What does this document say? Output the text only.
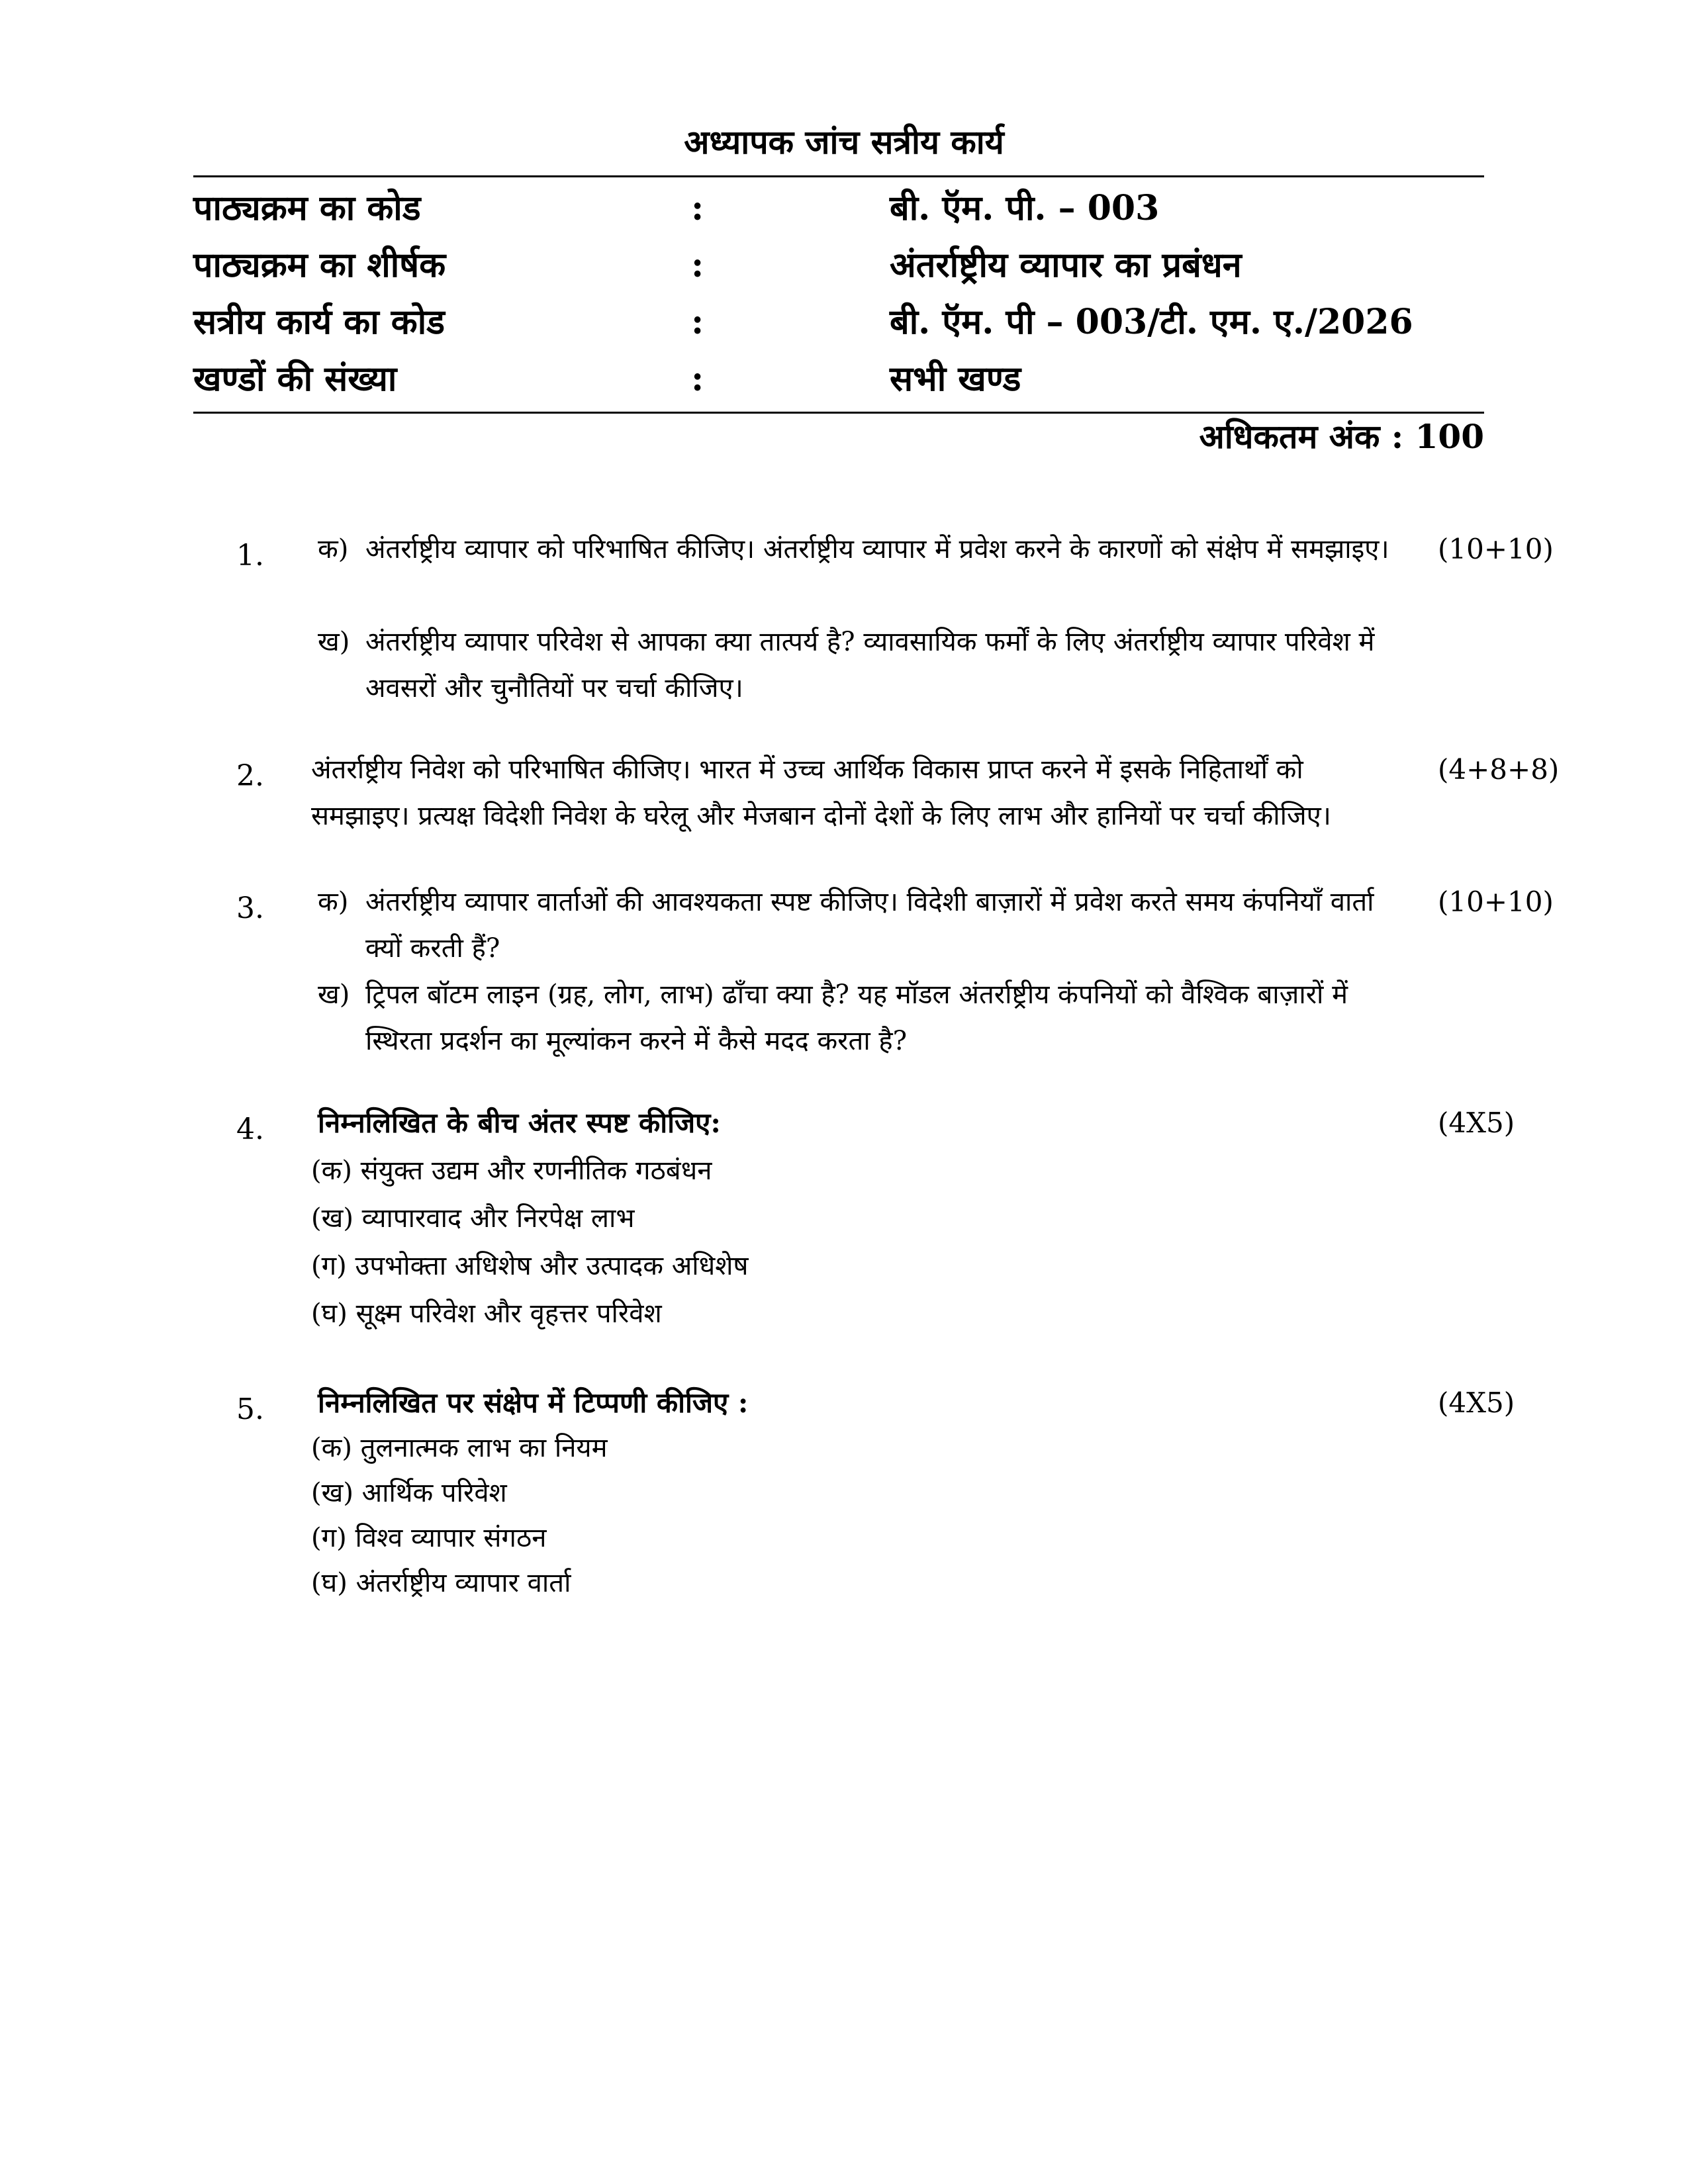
अध्यापक जांच सत्रीय कार्य
पाठ्यक्रम का कोड	:	बी. ऍम. पी. – 003
पाठ्यक्रम का शीर्षक	:	अंतर्राष्ट्रीय व्यापार का प्रबंधन
सत्रीय कार्य का कोड	:	बी. ऍम. पी – 003/टी. एम. ए./2026
खण्डों की संख्या	:	सभी खण्ड
अधिकतम अंक : 100
1.	(10+10)
क) अंतर्राष्ट्रीय व्यापार को परिभाषित कीजिए। अंतर्राष्ट्रीय व्यापार में प्रवेश करने के कारणों को संक्षेप में समझाइए।
ख) अंतर्राष्ट्रीय व्यापार परिवेश से आपका क्या तात्पर्य है? व्यावसायिक फर्मों के लिए अंतर्राष्ट्रीय व्यापार परिवेश में अवसरों और चुनौतियों पर चर्चा कीजिए।
2.	(4+8+8)
अंतर्राष्ट्रीय निवेश को परिभाषित कीजिए। भारत में उच्च आर्थिक विकास प्राप्त करने में इसके निहितार्थों को समझाइए। प्रत्यक्ष विदेशी निवेश के घरेलू और मेजबान दोनों देशों के लिए लाभ और हानियों पर चर्चा कीजिए।
3.	(10+10)
क) अंतर्राष्ट्रीय व्यापार वार्ताओं की आवश्यकता स्पष्ट कीजिए। विदेशी बाज़ारों में प्रवेश करते समय कंपनियाँ वार्ता क्यों करती हैं?
ख) ट्रिपल बॉटम लाइन (ग्रह, लोग, लाभ) ढाँचा क्या है? यह मॉडल अंतर्राष्ट्रीय कंपनियों को वैश्विक बाज़ारों में स्थिरता प्रदर्शन का मूल्यांकन करने में कैसे मदद करता है?
4.	(4X5)
निम्नलिखित के बीच अंतर स्पष्ट कीजिए:
(क) संयुक्त उद्यम और रणनीतिक गठबंधन
(ख) व्यापारवाद और निरपेक्ष लाभ
(ग) उपभोक्ता अधिशेष और उत्पादक अधिशेष
(घ) सूक्ष्म परिवेश और वृहत्तर परिवेश
5.	(4X5)
निम्नलिखित पर संक्षेप में टिप्पणी कीजिए :
(क) तुलनात्मक लाभ का नियम
(ख) आर्थिक परिवेश
(ग) विश्व व्यापार संगठन
(घ) अंतर्राष्ट्रीय व्यापार वार्ता
